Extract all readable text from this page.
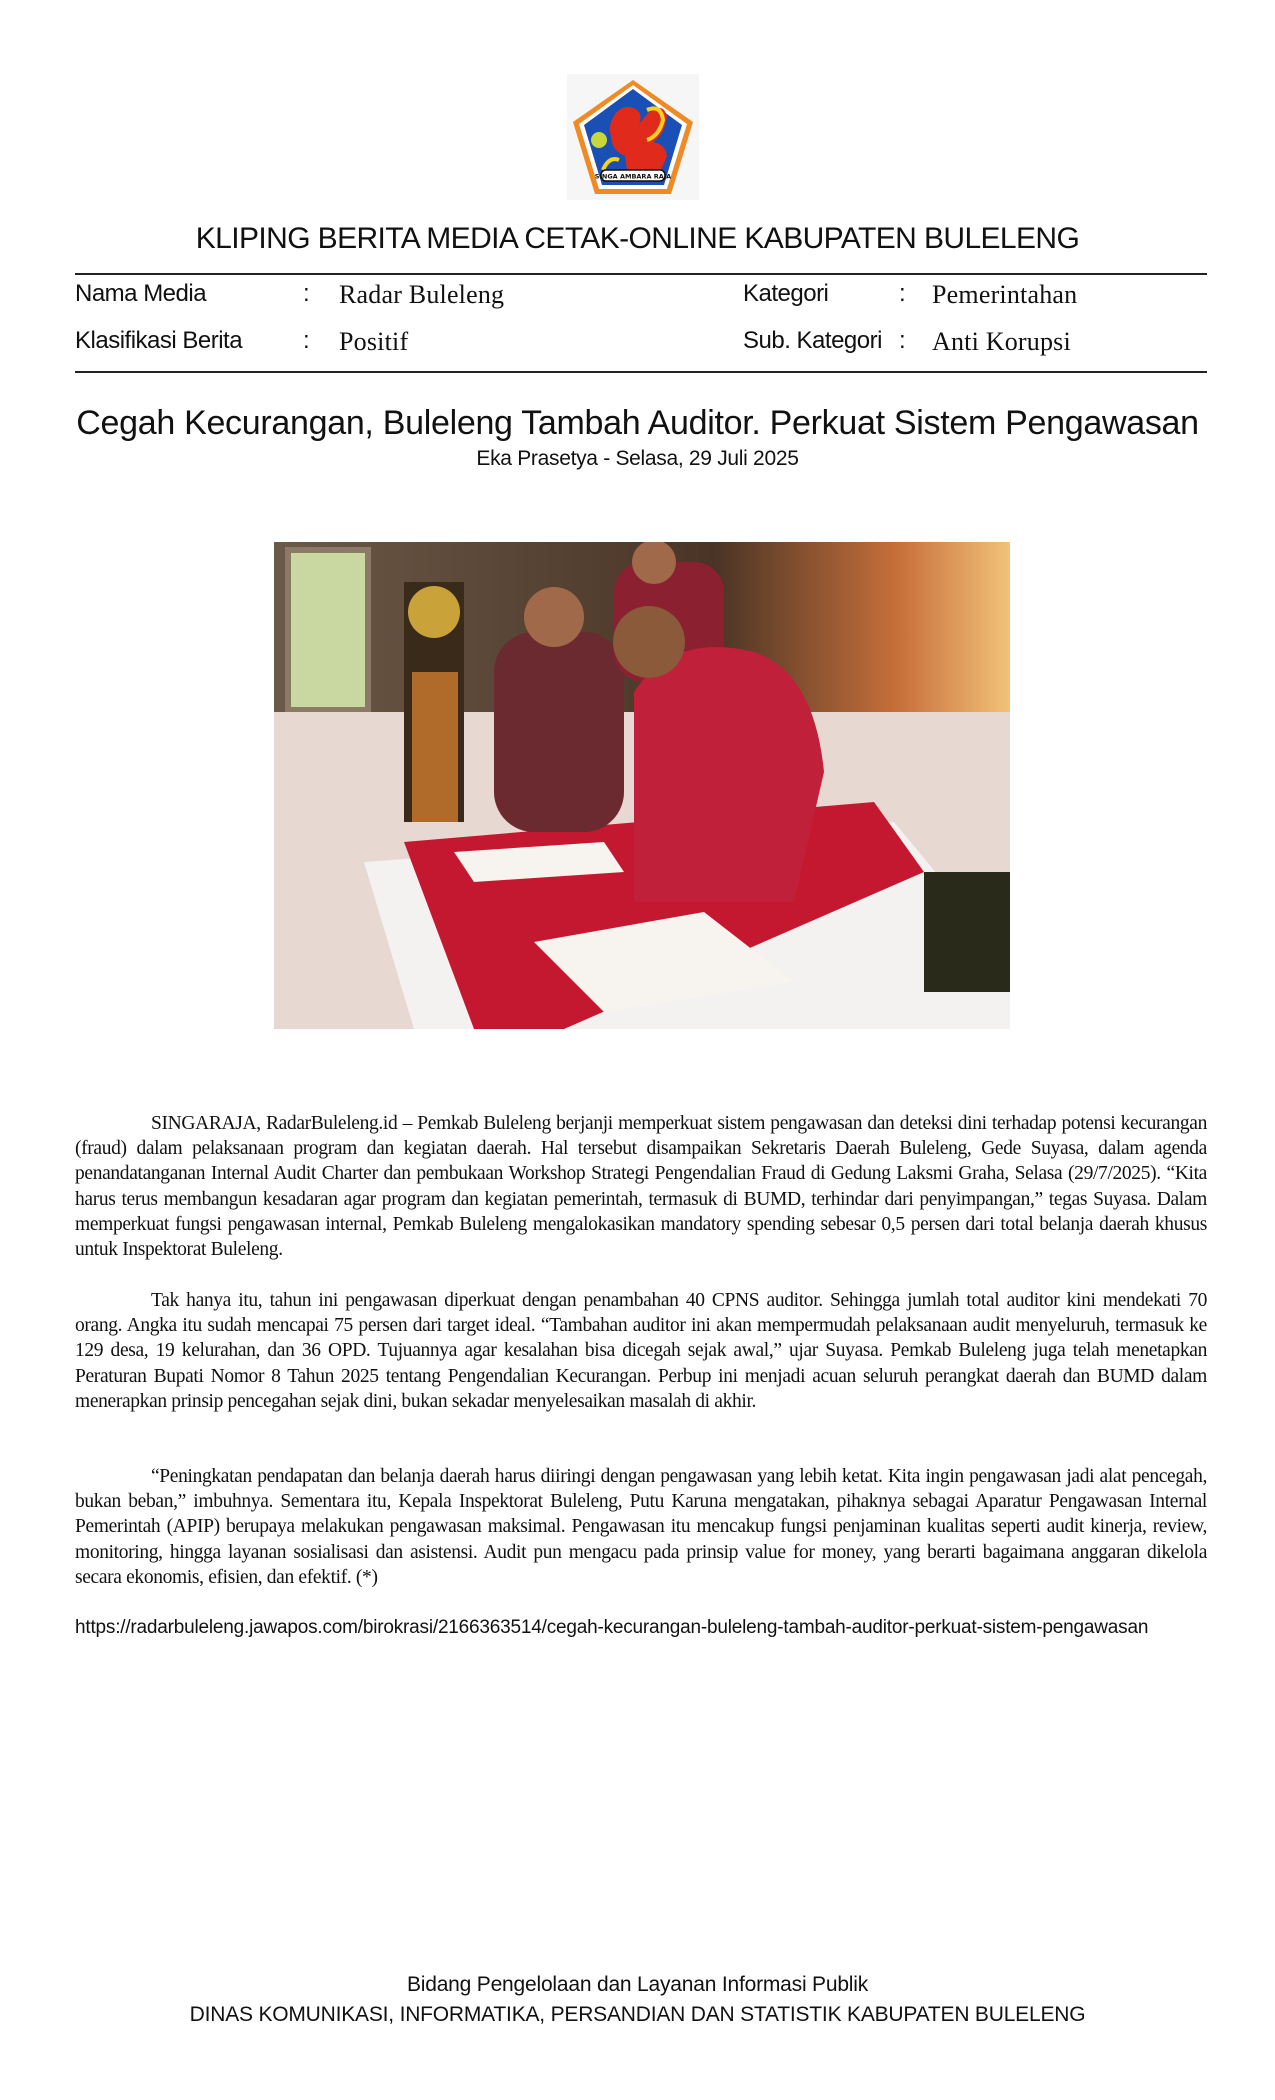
SINGA AMBARA RAJA
KLIPING BERITA MEDIA CETAK-ONLINE KABUPATEN BULELENG
Nama Media	: Radar Buleleng	Kategori	: Pemerintahan
Klasifikasi Berita	: Positif	Sub. Kategori : Anti Korupsi
Cegah Kecurangan, Buleleng Tambah Auditor. Perkuat Sistem Pengawasan
Eka Prasetya - Selasa, 29 Juli 2025

SINGARAJA, RadarBuleleng.id – Pemkab Buleleng berjanji memperkuat sistem pengawasan dan deteksi dini terhadap potensi kecurangan (fraud) dalam pelaksanaan program dan kegiatan daerah. Hal tersebut disampaikan Sekretaris Daerah Buleleng, Gede Suyasa, dalam agenda penandatanganan Internal Audit Charter dan pembukaan Workshop Strategi Pengendalian Fraud di Gedung Laksmi Graha, Selasa (29/7/2025). “Kita harus terus membangun kesadaran agar program dan kegiatan pemerintah, termasuk di BUMD, terhindar dari penyimpangan,” tegas Suyasa. Dalam memperkuat fungsi pengawasan internal, Pemkab Buleleng mengalokasikan mandatory spending sebesar 0,5 persen dari total belanja daerah khusus untuk Inspektorat Buleleng.

Tak hanya itu, tahun ini pengawasan diperkuat dengan penambahan 40 CPNS auditor. Sehingga jumlah total auditor kini mendekati 70 orang. Angka itu sudah mencapai 75 persen dari target ideal. “Tambahan auditor ini akan mempermudah pelaksanaan audit menyeluruh, termasuk ke 129 desa, 19 kelurahan, dan 36 OPD. Tujuannya agar kesalahan bisa dicegah sejak awal,” ujar Suyasa. Pemkab Buleleng juga telah menetapkan Peraturan Bupati Nomor 8 Tahun 2025 tentang Pengendalian Kecurangan. Perbup ini menjadi acuan seluruh perangkat daerah dan BUMD dalam menerapkan prinsip pencegahan sejak dini, bukan sekadar menyelesaikan masalah di akhir.

“Peningkatan pendapatan dan belanja daerah harus diiringi dengan pengawasan yang lebih ketat. Kita ingin pengawasan jadi alat pencegah, bukan beban,” imbuhnya. Sementara itu, Kepala Inspektorat Buleleng, Putu Karuna mengatakan, pihaknya sebagai Aparatur Pengawasan Internal Pemerintah (APIP) berupaya melakukan pengawasan maksimal. Pengawasan itu mencakup fungsi penjaminan kualitas seperti audit kinerja, review, monitoring, hingga layanan sosialisasi dan asistensi. Audit pun mengacu pada prinsip value for money, yang berarti bagaimana anggaran dikelola secara ekonomis, efisien, dan efektif. (*)

https://radarbuleleng.jawapos.com/birokrasi/2166363514/cegah-kecurangan-buleleng-tambah-auditor-perkuat-sistem-pengawasan
Bidang Pengelolaan dan Layanan Informasi Publik
DINAS KOMUNIKASI, INFORMATIKA, PERSANDIAN DAN STATISTIK KABUPATEN BULELENG
